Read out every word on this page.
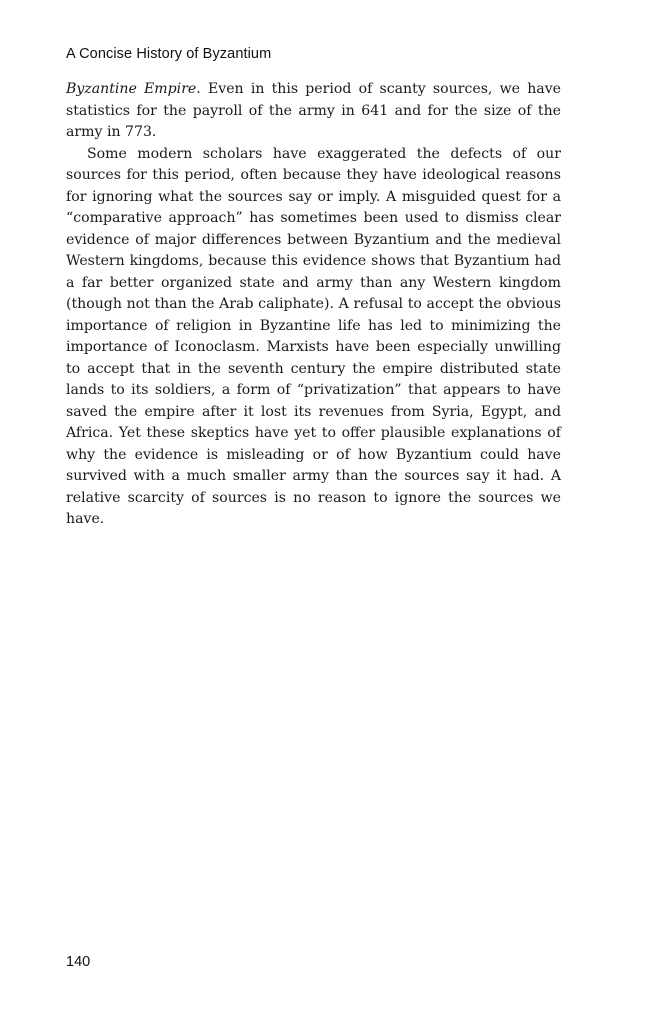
A Concise History of Byzantium

Byzantine Empire. Even in this period of scanty sources, we have statistics for the payroll of the army in 641 and for the size of the army in 773.

Some modern scholars have exaggerated the defects of our sources for this period, often because they have ideological reasons for ignoring what the sources say or imply. A misguided quest for a “comparative approach” has sometimes been used to dismiss clear evidence of major differences between Byzantium and the medieval Western kingdoms, because this evidence shows that Byzantium had a far better organized state and army than any Western kingdom (though not than the Arab caliphate). A refusal to accept the obvious importance of religion in Byzantine life has led to minimizing the importance of Iconoclasm. Marxists have been especially unwilling to accept that in the seventh century the empire distributed state lands to its soldiers, a form of “privatization” that appears to have saved the empire after it lost its revenues from Syria, Egypt, and Africa. Yet these skeptics have yet to offer plausible explanations of why the evidence is misleading or of how Byzantium could have survived with a much smaller army than the sources say it had. A relative scarcity of sources is no reason to ignore the sources we have.

140
